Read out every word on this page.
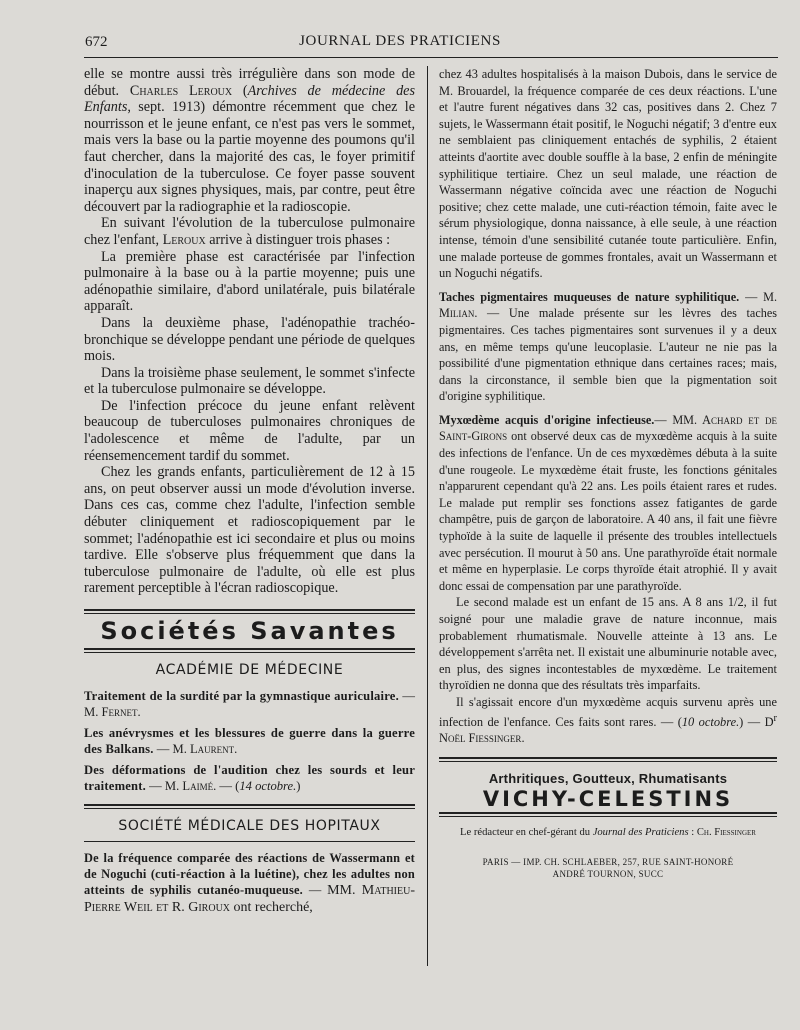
672	JOURNAL DES PRATICIENS

elle se montre aussi très irrégulière dans son mode de début. Charles Leroux (Archives de médecine des Enfants, sept. 1913) démontre récemment que chez le nourrisson et le jeune enfant, ce n'est pas vers le sommet, mais vers la base ou la partie moyenne des poumons qu'il faut chercher, dans la majorité des cas, le foyer primitif d'inoculation de la tuberculose. Ce foyer passe souvent inaperçu aux signes physiques, mais, par contre, peut être découvert par la radiographie et la radioscopie.

En suivant l'évolution de la tuberculose pulmonaire chez l'enfant, Leroux arrive à distinguer trois phases :

La première phase est caractérisée par l'infection pulmonaire à la base ou à la partie moyenne; puis une adénopathie similaire, d'abord unilatérale, puis bilatérale apparaît.

Dans la deuxième phase, l'adénopathie trachéo-bronchique se développe pendant une période de quelques mois.

Dans la troisième phase seulement, le sommet s'infecte et la tuberculose pulmonaire se développe.

De l'infection précoce du jeune enfant relèvent beaucoup de tuberculoses pulmonaires chroniques de l'adolescence et même de l'adulte, par un réensemencement tardif du sommet.

Chez les grands enfants, particulièrement de 12 à 15 ans, on peut observer aussi un mode d'évolution inverse. Dans ces cas, comme chez l'adulte, l'infection semble débuter cliniquement et radioscopiquement par le sommet; l'adénopathie est ici secondaire et plus ou moins tardive. Elle s'observe plus fréquemment que dans la tuberculose pulmonaire de l'adulte, où elle est plus rarement perceptible à l'écran radioscopique.

Sociétés Savantes
ACADÉMIE DE MÉDECINE

Traitement de la surdité par la gymnastique auriculaire. — M. Fernet.

Les anévrysmes et les blessures de guerre dans la guerre des Balkans. — M. Laurent.

Des déformations de l'audition chez les sourds et leur traitement. — M. Laimé. — (14 octobre.)

SOCIÉTÉ MÉDICALE DES HOPITAUX

De la fréquence comparée des réactions de Wassermann et de Noguchi (cuti-réaction à la luétine), chez les adultes non atteints de syphilis cutanéo-muqueuse. — MM. Mathieu-Pierre Weil et R. Giroux ont recherché,

chez 43 adultes hospitalisés à la maison Dubois, dans le service de M. Brouardel, la fréquence comparée de ces deux réactions. L'une et l'autre furent négatives dans 32 cas, positives dans 2. Chez 7 sujets, le Wassermann était positif, le Noguchi négatif; 3 d'entre eux ne semblaient pas cliniquement entachés de syphilis, 2 étaient atteints d'aortite avec double souffle à la base, 2 enfin de méningite syphilitique tertiaire. Chez un seul malade, une réaction de Wassermann négative coïncida avec une réaction de Noguchi positive; chez cette malade, une cuti-réaction témoin, faite avec le sérum physiologique, donna naissance, à elle seule, à une réaction intense, témoin d'une sensibilité cutanée toute particulière. Enfin, une malade porteuse de gommes frontales, avait un Wassermann et un Noguchi négatifs.

Taches pigmentaires muqueuses de nature syphilitique. — M. Milian. — Une malade présente sur les lèvres des taches pigmentaires. Ces taches pigmentaires sont survenues il y a deux ans, en même temps qu'une leucoplasie. L'auteur ne nie pas la possibilité d'une pigmentation ethnique dans certaines races; mais, dans la circonstance, il semble bien que la pigmentation soit d'origine syphilitique.

Myxœdème acquis d'origine infectieuse.— MM. Achard et de Saint-Girons ont observé deux cas de myxœdème acquis à la suite des infections de l'enfance. Un de ces myxœdèmes débuta à la suite d'une rougeole. Le myxœdème était fruste, les fonctions génitales n'apparurent cependant qu'à 22 ans. Les poils étaient rares et rudes. Le malade put remplir ses fonctions assez fatigantes de garde champêtre, puis de garçon de laboratoire. A 40 ans, il fait une fièvre typhoïde à la suite de laquelle il présente des troubles intellectuels avec persécution. Il mourut à 50 ans. Une parathyroïde était normale et même en hyperplasie. Le corps thyroïde était atrophié. Il y avait donc essai de compensation par une parathyroïde.

Le second malade est un enfant de 15 ans. A 8 ans 1/2, il fut soigné pour une maladie grave de nature inconnue, mais probablement rhumatismale. Nouvelle atteinte à 13 ans. Le développement s'arrêta net. Il existait une albuminurie notable avec, en plus, des signes incontestables de myxœdème. Le traitement thyroïdien ne donna que des résultats très imparfaits.

Il s'agissait encore d'un myxœdème acquis survenu après une infection de l'enfance. Ces faits sont rares. — (10 octobre.) — $D^r$ Noël Fiessinger.

Arthritiques, Goutteux, Rhumatisants
VICHY-CELESTINS
Le rédacteur en chef-gérant du Journal des Praticiens : Ch. Fiessinger
PARIS — IMP. CH. SCHLAEBER, 257, RUE SAINT-HONORÉ
ANDRÉ TOURNON, SUCC
